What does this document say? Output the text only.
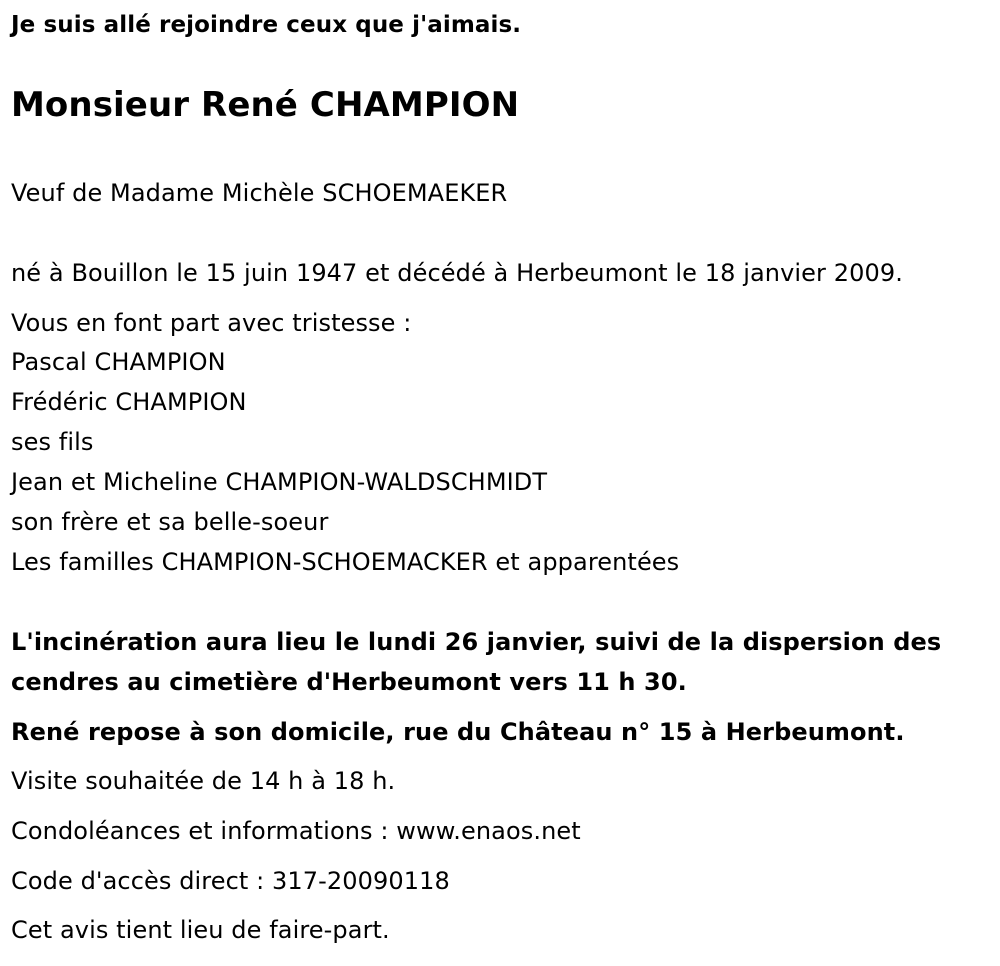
Je suis allé rejoindre ceux que j'aimais.
Monsieur René CHAMPION
Veuf de Madame Michèle SCHOEMAEKER
né à Bouillon le 15 juin 1947 et décédé à Herbeumont le 18 janvier 2009.
Vous en font part avec tristesse :
Pascal CHAMPION
Frédéric CHAMPION
ses fils
Jean et Micheline CHAMPION-WALDSCHMIDT
son frère et sa belle-soeur
Les familles CHAMPION-SCHOEMACKER et apparentées
L'incinération aura lieu le lundi 26 janvier, suivi de la dispersion des
cendres au cimetière d'Herbeumont vers 11 h 30.
René repose à son domicile, rue du Château n° 15 à Herbeumont.
Visite souhaitée de 14 h à 18 h.
Condoléances et informations : www.enaos.net
Code d'accès direct : 317-20090118
Cet avis tient lieu de faire-part.
